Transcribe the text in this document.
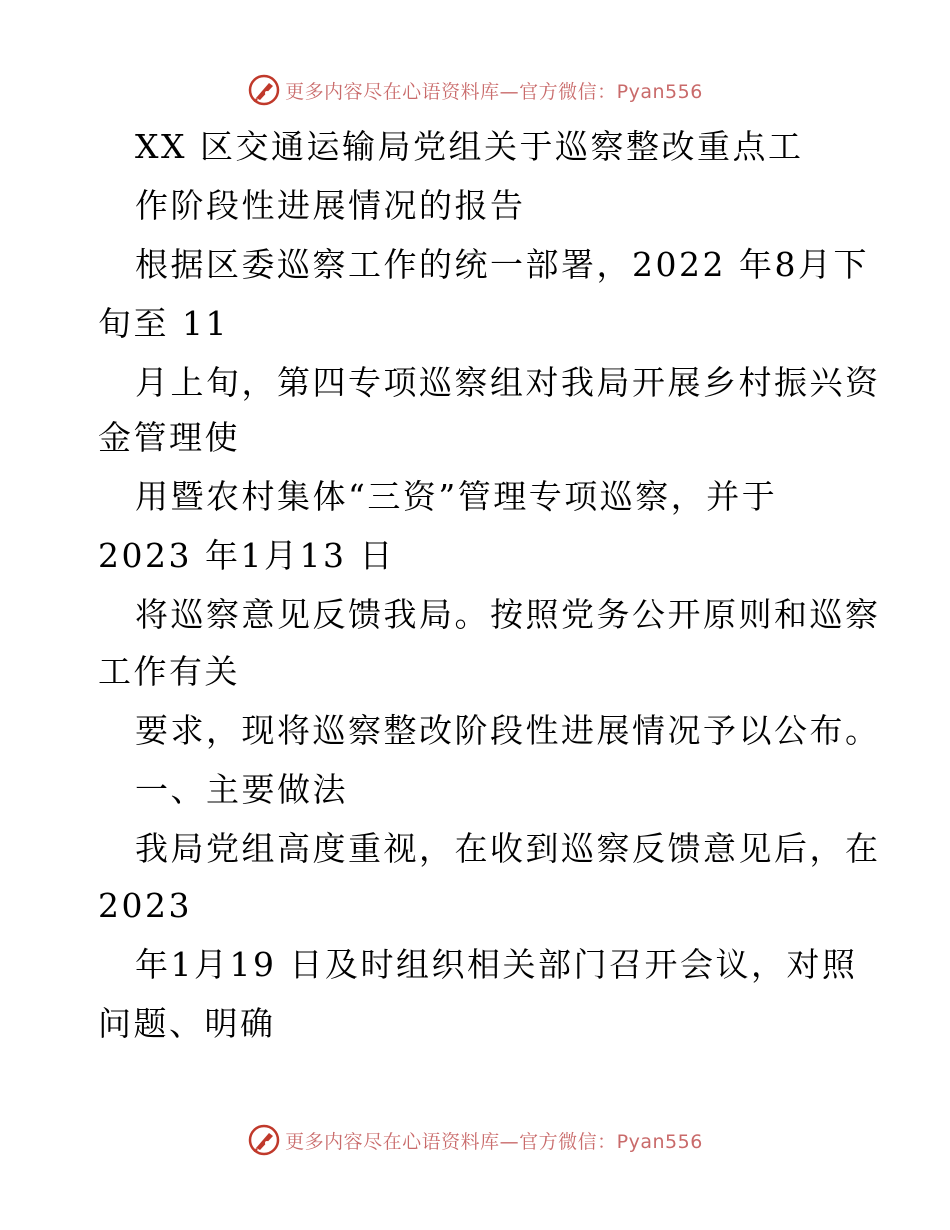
更多内容尽在心语资料库—官方微信：Pyan556
XX 区交通运输局党组关于巡察整改重点工
作阶段性进展情况的报告
根据区委巡察工作的统一部署，2022 年8月下
旬至 11
月上旬，第四专项巡察组对我局开展乡村振兴资
金管理使
用暨农村集体“三资”管理专项巡察，并于
2023 年1月13 日
将巡察意见反馈我局。按照党务公开原则和巡察
工作有关
要求，现将巡察整改阶段性进展情况予以公布。
一、主要做法
我局党组高度重视，在收到巡察反馈意见后，在
2023
年1月19 日及时组织相关部门召开会议，对照
问题、明确
更多内容尽在心语资料库—官方微信：Pyan556
